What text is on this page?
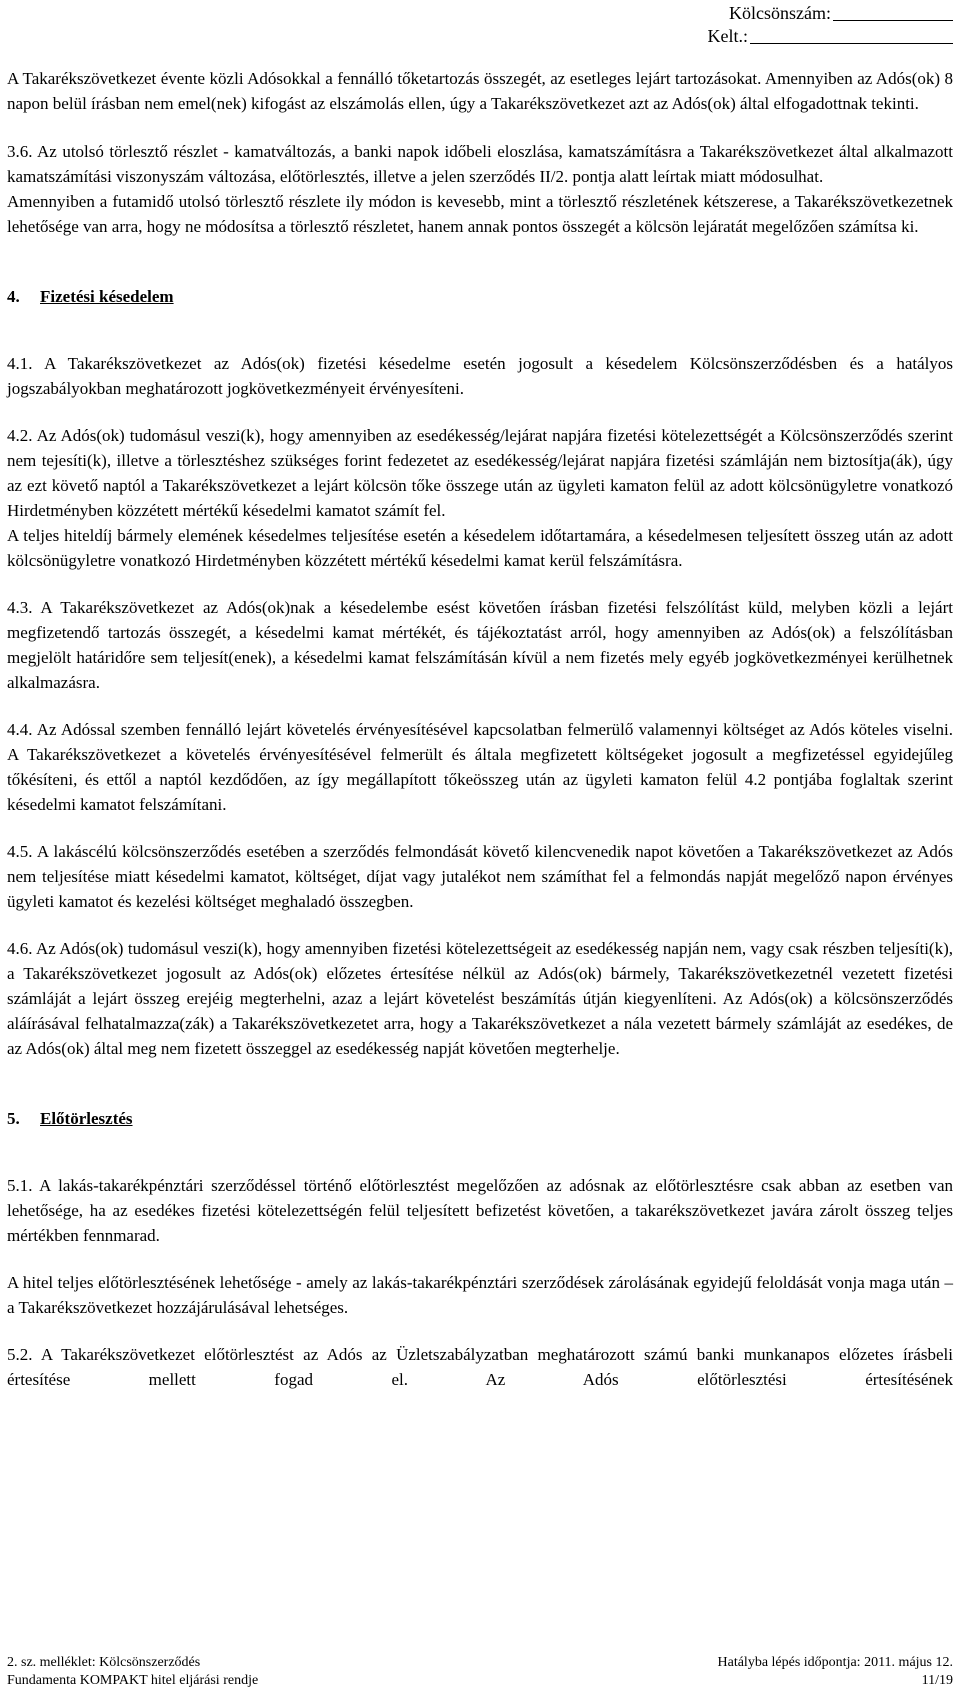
Kölcsönszám:
Kelt.:

A Takarékszövetkezet évente közli Adósokkal a fennálló tőketartozás összegét, az esetleges lejárt tartozásokat. Amennyiben az Adós(ok) 8 napon belül írásban nem emel(nek) kifogást az elszámolás ellen, úgy a Takarékszövetkezet azt az Adós(ok) által elfogadottnak tekinti.

3.6. Az utolsó törlesztő részlet - kamatváltozás, a banki napok időbeli eloszlása, kamatszámításra a Takarékszövetkezet által alkalmazott kamatszámítási viszonyszám változása, előtörlesztés, illetve a jelen szerződés II/2. pontja alatt leírtak miatt módosulhat.

Amennyiben a futamidő utolsó törlesztő részlete ily módon is kevesebb, mint a törlesztő részletének kétszerese, a Takarékszövetkezetnek lehetősége van arra, hogy ne módosítsa a törlesztő részletet, hanem annak pontos összegét a kölcsön lejáratát megelőzően számítsa ki.

4. Fizetési késedelem

4.1. A Takarékszövetkezet az Adós(ok) fizetési késedelme esetén jogosult a késedelem Kölcsönszerződésben és a hatályos jogszabályokban meghatározott jogkövetkezményeit érvényesíteni.

4.2. Az Adós(ok) tudomásul veszi(k), hogy amennyiben az esedékesség/lejárat napjára fizetési kötelezettségét a Kölcsönszerződés szerint nem tejesíti(k), illetve a törlesztéshez szükséges forint fedezetet az esedékesség/lejárat napjára fizetési számláján nem biztosítja(ák), úgy az ezt követő naptól a Takarékszövetkezet a lejárt kölcsön tőke összege után az ügyleti kamaton felül az adott kölcsönügyletre vonatkozó Hirdetményben közzétett mértékű késedelmi kamatot számít fel.

A teljes hiteldíj bármely elemének késedelmes teljesítése esetén a késedelem időtartamára, a késedelmesen teljesített összeg után az adott kölcsönügyletre vonatkozó Hirdetményben közzétett mértékű késedelmi kamat kerül felszámításra.

4.3. A Takarékszövetkezet az Adós(ok)nak a késedelembe esést követően írásban fizetési felszólítást küld, melyben közli a lejárt megfizetendő tartozás összegét, a késedelmi kamat mértékét, és tájékoztatást arról, hogy amennyiben az Adós(ok) a felszólításban megjelölt határidőre sem teljesít(enek), a késedelmi kamat felszámításán kívül a nem fizetés mely egyéb jogkövetkezményei kerülhetnek alkalmazásra.

4.4. Az Adóssal szemben fennálló lejárt követelés érvényesítésével kapcsolatban felmerülő valamennyi költséget az Adós köteles viselni. A Takarékszövetkezet a követelés érvényesítésével felmerült és általa megfizetett költségeket jogosult a megfizetéssel egyidejűleg tőkésíteni, és ettől a naptól kezdődően, az így megállapított tőkeösszeg után az ügyleti kamaton felül 4.2 pontjába foglaltak szerint késedelmi kamatot felszámítani.

4.5. A lakáscélú kölcsönszerződés esetében a szerződés felmondását követő kilencvenedik napot követően a Takarékszövetkezet az Adós nem teljesítése miatt késedelmi kamatot, költséget, díjat vagy jutalékot nem számíthat fel a felmondás napját megelőző napon érvényes ügyleti kamatot és kezelési költséget meghaladó összegben.

4.6. Az Adós(ok) tudomásul veszi(k), hogy amennyiben fizetési kötelezettségeit az esedékesség napján nem, vagy csak részben teljesíti(k), a Takarékszövetkezet jogosult az Adós(ok) előzetes értesítése nélkül az Adós(ok) bármely, Takarékszövetkezetnél vezetett fizetési számláját a lejárt összeg erejéig megterhelni, azaz a lejárt követelést beszámítás útján kiegyenlíteni. Az Adós(ok) a kölcsönszerződés aláírásával felhatalmazza(zák) a Takarékszövetkezetet arra, hogy a Takarékszövetkezet a nála vezetett bármely számláját az esedékes, de az Adós(ok) által meg nem fizetett összeggel az esedékesség napját követően megterhelje.

5. Előtörlesztés

5.1. A lakás-takarékpénztári szerződéssel történő előtörlesztést megelőzően az adósnak az előtörlesztésre csak abban az esetben van lehetősége, ha az esedékes fizetési kötelezettségén felül teljesített befizetést követően, a takarékszövetkezet javára zárolt összeg teljes mértékben fennmarad.

A hitel teljes előtörlesztésének lehetősége - amely az lakás-takarékpénztári szerződések zárolásának egyidejű feloldását vonja maga után – a Takarékszövetkezet hozzájárulásával lehetséges.

5.2. A Takarékszövetkezet előtörlesztést az Adós az Üzletszabályzatban meghatározott számú banki munkanapos előzetes írásbeli értesítése mellett fogad el. Az Adós előtörlesztési értesítésének

2. sz. melléklet: Kölcsönszerződés	Hatályba lépés időpontja: 2011. május 12.
Fundamenta KOMPAKT hitel eljárási rendje	11/19
